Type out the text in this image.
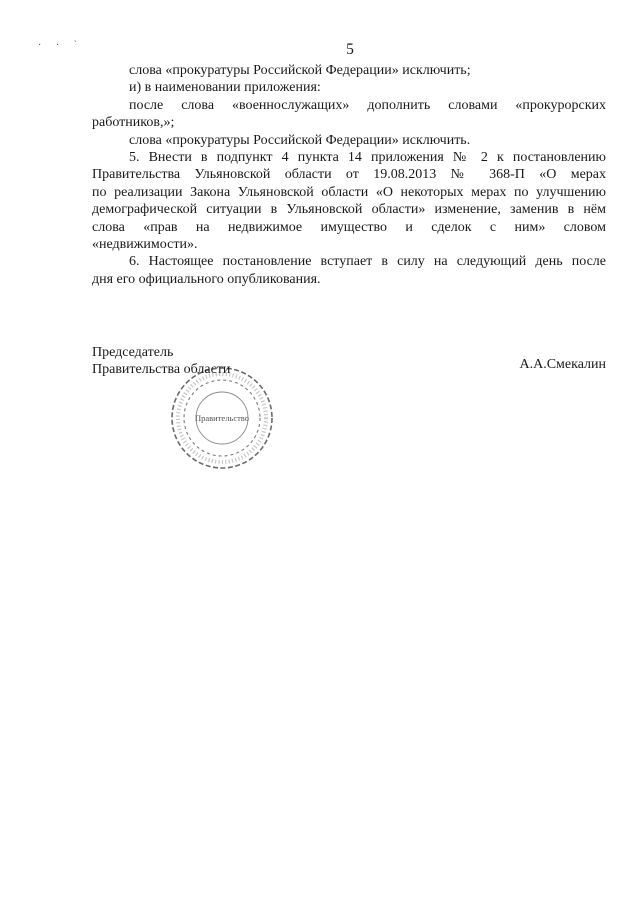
· · ˋ	5

слова «прокуратуры Российской Федерации» исключить;

и) в наименовании приложения:

после слова «военнослужащих» дополнить словами «прокурорских

работников,»;

слова «прокуратуры Российской Федерации» исключить.

5. Внести в подпункт 4 пункта 14 приложения № 2 к постановлению

Правительства Ульяновской области от 19.08.2013 № 368-П «О мерах

по реализации Закона Ульяновской области «О некоторых мерах по улучшению

демографической ситуации в Ульяновской области» изменение, заменив в нём

слова «прав на недвижимое имущество и сделок с ним» словом

«недвижимости».

6. Настоящее постановление вступает в силу на следующий день после

дня его официального опубликования.

Правительство
Председатель
Правительства области	А.А.Смекалин
